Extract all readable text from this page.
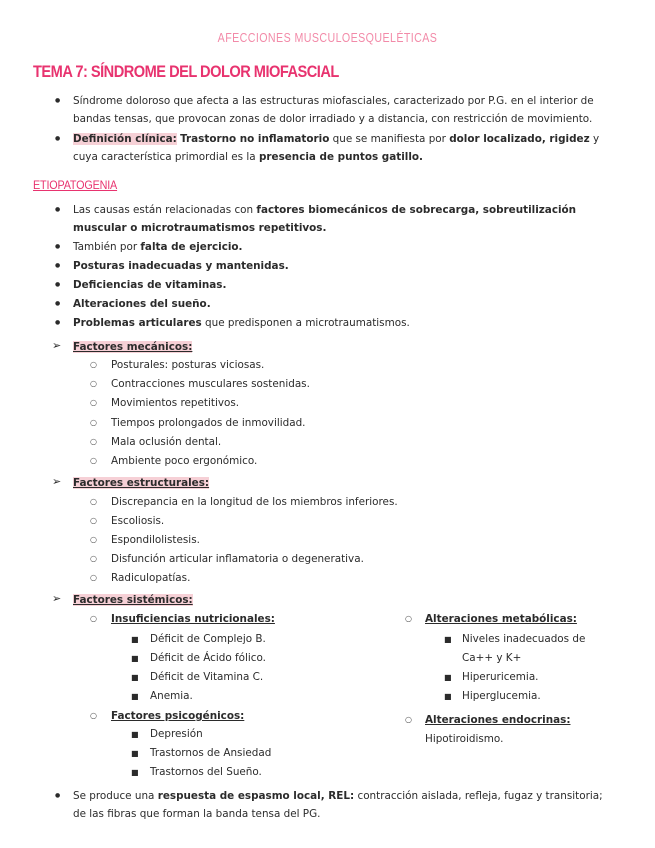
AFECCIONES MUSCULOESQUELÉTICAS
TEMA 7: SÍNDROME DEL DOLOR MIOFASCIAL
● Síndrome doloroso que afecta a las estructuras miofasciales, caracterizado por P.G. en el interior de
bandas tensas, que provocan zonas de dolor irradiado y a distancia, con restricción de movimiento.
● Definición clínica: Trastorno no inflamatorio que se manifiesta por dolor localizado, rigidez y
cuya característica primordial es la presencia de puntos gatillo.
ETIOPATOGENIA
● Las causas están relacionadas con factores biomecánicos de sobrecarga, sobreutilización
muscular o microtraumatismos repetitivos.
● También por falta de ejercicio.
● Posturas inadecuadas y mantenidas.
● Deficiencias de vitaminas.
● Alteraciones del sueño.
● Problemas articulares que predisponen a microtraumatismos.
➢ Factores mecánicos:
○ Posturales: posturas viciosas.
○ Contracciones musculares sostenidas.
○ Movimientos repetitivos.
○ Tiempos prolongados de inmovilidad.
○ Mala oclusión dental.
○ Ambiente poco ergonómico.
➢ Factores estructurales:
○ Discrepancia en la longitud de los miembros inferiores.
○ Escoliosis.
○ Espondilolistesis.
○ Disfunción articular inflamatoria o degenerativa.
○ Radiculopatías.
➢ Factores sistémicos:
○ Insuficiencias nutricionales:
■ Déficit de Complejo B.
■ Déficit de Ácido fólico.
■ Déficit de Vitamina C.
■ Anemia.
○ Factores psicogénicos:
■ Depresión
■ Trastornos de Ansiedad
■ Trastornos del Sueño.
○ Alteraciones metabólicas:
■ Niveles inadecuados de
Ca++ y K+
■ Hiperuricemia.
■ Hiperglucemia.
○ Alteraciones endocrinas:
Hipotiroidismo.
● Se produce una respuesta de espasmo local, REL: contracción aislada, refleja, fugaz y transitoria;
de las fibras que forman la banda tensa del PG.
